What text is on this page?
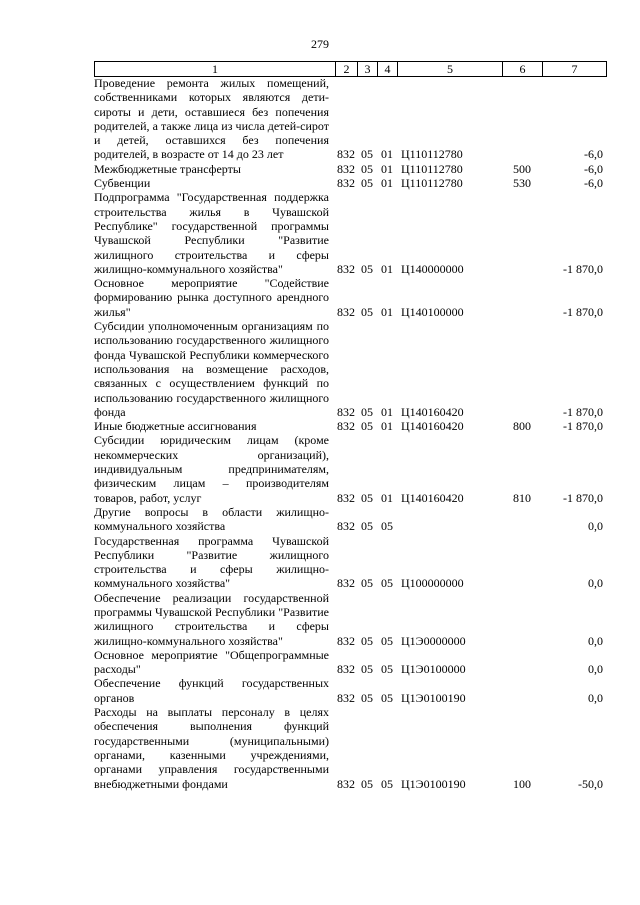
279
1	2	3	4	5	6	7
Проведение ремонта жилых помещений, собственниками которых являются дети-сироты и дети, оставшиеся без попечения родителей, а также лица из числа детей-сирот и детей, оставшихся без попечения родителей, в возрасте от 14 до 23 лет	832	05	01	Ц110112780		-6,0
Межбюджетные трансферты	832	05	01	Ц110112780	500	-6,0
Субвенции	832	05	01	Ц110112780	530	-6,0
Подпрограмма "Государственная поддержка строительства жилья в Чувашской Республике" государственной программы Чувашской Республики "Развитие жилищного строительства и сферы жилищно-коммунального хозяйства"	832	05	01	Ц140000000		-1 870,0
Основное мероприятие "Содействие формированию рынка доступного арендного жилья"	832	05	01	Ц140100000		-1 870,0
Субсидии уполномоченным организациям по использованию государственного жилищного фонда Чувашской Республики коммерческого использования на возмещение расходов, связанных с осуществлением функций по использованию государственного жилищного фонда	832	05	01	Ц140160420		-1 870,0
Иные бюджетные ассигнования	832	05	01	Ц140160420	800	-1 870,0
Субсидии юридическим лицам (кроме некоммерческих организаций), индивидуальным предпринимателям, физическим лицам – производителям товаров, работ, услуг	832	05	01	Ц140160420	810	-1 870,0
Другие вопросы в области жилищно-коммунального хозяйства	832	05	05			0,0
Государственная программа Чувашской Республики "Развитие жилищного строительства и сферы жилищно-коммунального хозяйства"	832	05	05	Ц100000000		0,0
Обеспечение реализации государственной программы Чувашской Республики "Развитие жилищного строительства и сферы жилищно-коммунального хозяйства"	832	05	05	Ц1Э0000000		0,0
Основное мероприятие "Общепрограммные расходы"	832	05	05	Ц1Э0100000		0,0
Обеспечение функций государственных органов	832	05	05	Ц1Э0100190		0,0
Расходы на выплаты персоналу в целях обеспечения выполнения функций государственными (муниципальными) органами, казенными учреждениями, органами управления государственными внебюджетными фондами	832	05	05	Ц1Э0100190	100	-50,0
